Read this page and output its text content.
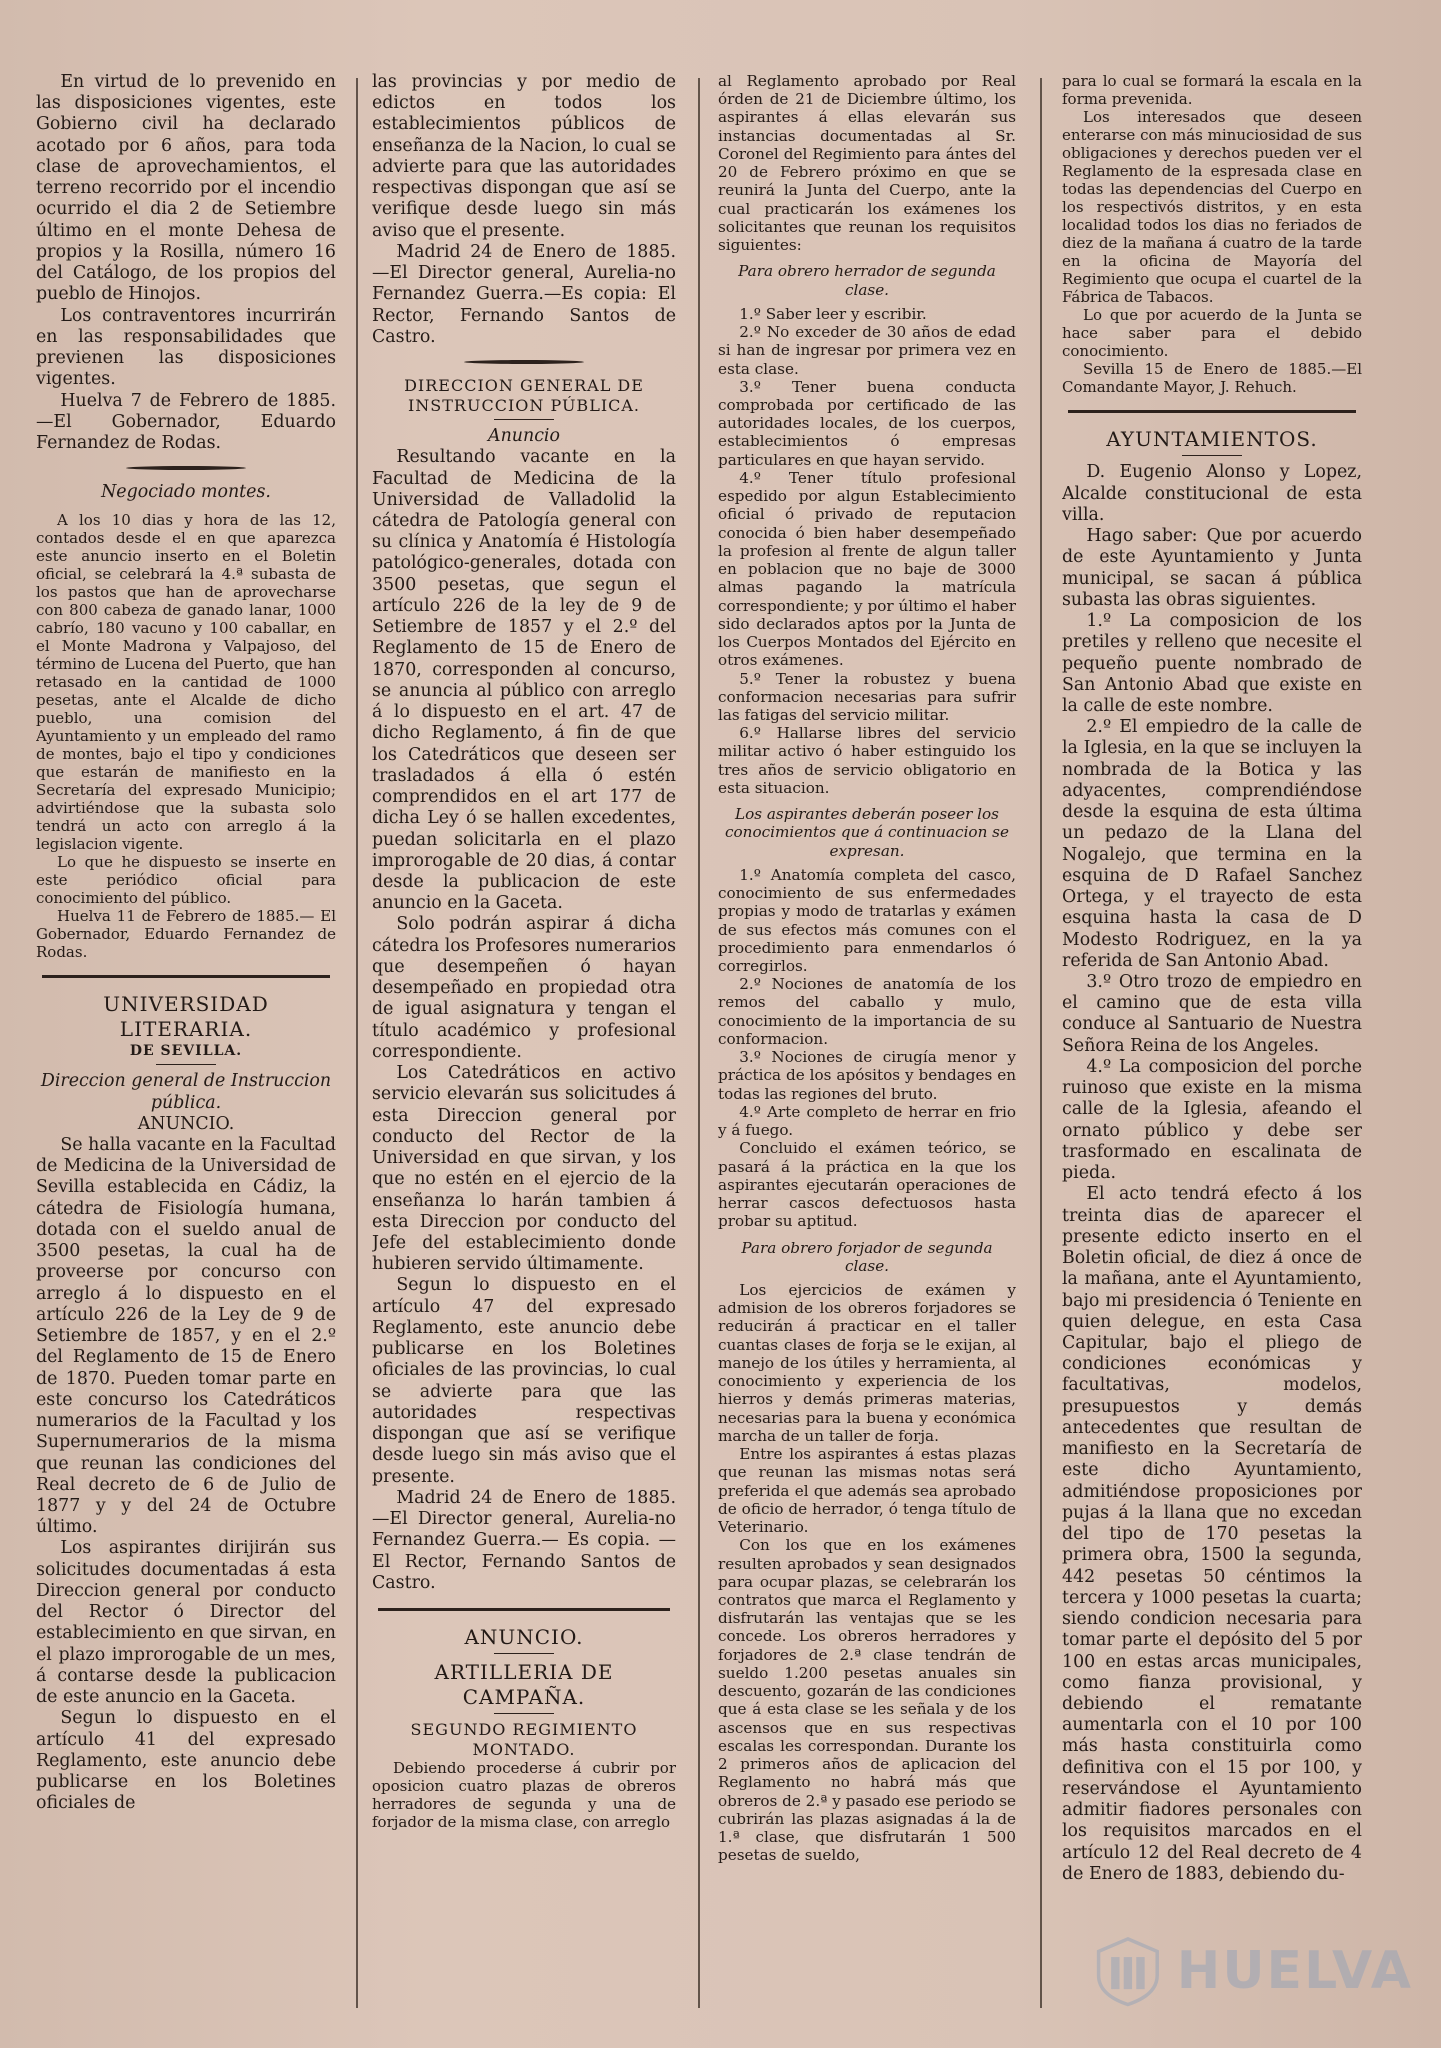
En virtud de lo prevenido en las disposiciones vigentes, este Gobierno civil ha declarado acotado por 6 años, para toda clase de aprovechamientos, el terreno recorrido por el incendio ocurrido el dia 2 de Setiembre último en el monte Dehesa de propios y la Rosilla, número 16 del Catálogo, de los propios del pueblo de Hinojos.

Los contraventores incurrirán en las responsabilidades que previenen las disposiciones vigentes.

Huelva 7 de Febrero de 1885. —El Gobernador, Eduardo Fernandez de Rodas.

Negociado montes.

A los 10 dias y hora de las 12, contados desde el en que aparezca este anuncio inserto en el Boletin oficial, se celebrará la 4.ª subasta de los pastos que han de aprovecharse con 800 cabeza de ganado lanar, 1000 cabrío, 180 vacuno y 100 caballar, en el Monte Madrona y Valpajoso, del término de Lucena del Puerto, que han retasado en la cantidad de 1000 pesetas, ante el Alcalde de dicho pueblo, una comision del Ayuntamiento y un empleado del ramo de montes, bajo el tipo y condiciones que estarán de manifiesto en la Secretaría del expresado Municipio; advirtiéndose que la subasta solo tendrá un acto con arreglo á la legislacion vigente.

Lo que he dispuesto se inserte en este periódico oficial para conocimiento del público.

Huelva 11 de Febrero de 1885.— El Gobernador, Eduardo Fernandez de Rodas.

UNIVERSIDAD LITERARIA.

DE SEVILLA.

Direccion general de Instruccion pública.

ANUNCIO.

Se halla vacante en la Facultad de Medicina de la Universidad de Sevilla establecida en Cádiz, la cátedra de Fisiología humana, dotada con el sueldo anual de 3500 pesetas, la cual ha de proveerse por concurso con arreglo á lo dispuesto en el artículo 226 de la Ley de 9 de Setiembre de 1857, y en el 2.º del Reglamento de 15 de Enero de 1870. Pueden tomar parte en este concurso los Catedráticos numerarios de la Facultad y los Supernumerarios de la misma que reunan las condiciones del Real decreto de 6 de Julio de 1877 y y del 24 de Octubre último.

Los aspirantes dirijirán sus solicitudes documentadas á esta Direccion general por conducto del Rector ó Director del establecimiento en que sirvan, en el plazo improrogable de un mes, á contarse desde la publicacion de este anuncio en la Gaceta.

Segun lo dispuesto en el artículo 41 del expresado Reglamento, este anuncio debe publicarse en los Boletines oficiales de

las provincias y por medio de edictos en todos los establecimientos públicos de enseñanza de la Nacion, lo cual se advierte para que las autoridades respectivas dispongan que así se verifique desde luego sin más aviso que el presente.

Madrid 24 de Enero de 1885. —El Director general, Aurelia-no Fernandez Guerra.—Es copia: El Rector, Fernando Santos de Castro.

DIRECCION GENERAL DE INSTRUCCION PÚBLICA.

Anuncio

Resultando vacante en la Facultad de Medicina de la Universidad de Valladolid la cátedra de Patología general con su clínica y Anatomía é Histología patológico-generales, dotada con 3500 pesetas, que segun el artículo 226 de la ley de 9 de Setiembre de 1857 y el 2.º del Reglamento de 15 de Enero de 1870, corresponden al concurso, se anuncia al público con arreglo á lo dispuesto en el art. 47 de dicho Reglamento, á fin de que los Catedráticos que deseen ser trasladados á ella ó estén comprendidos en el art 177 de dicha Ley ó se hallen excedentes, puedan solicitarla en el plazo improrogable de 20 dias, á contar desde la publicacion de este anuncio en la Gaceta.

Solo podrán aspirar á dicha cátedra los Profesores numerarios que desempeñen ó hayan desempeñado en propiedad otra de igual asignatura y tengan el título académico y profesional correspondiente.

Los Catedráticos en activo servicio elevarán sus solicitudes á esta Direccion general por conducto del Rector de la Universidad en que sirvan, y los que no estén en el ejercio de la enseñanza lo harán tambien á esta Direccion por conducto del Jefe del establecimiento donde hubieren servido últimamente.

Segun lo dispuesto en el artículo 47 del expresado Reglamento, este anuncio debe publicarse en los Boletines oficiales de las provincias, lo cual se advierte para que las autoridades respectivas dispongan que así se verifique desde luego sin más aviso que el presente.

Madrid 24 de Enero de 1885. —El Director general, Aurelia-no Fernandez Guerra.— Es copia. — El Rector, Fernando Santos de Castro.

ANUNCIO.

ARTILLERIA DE CAMPAÑA.

SEGUNDO REGIMIENTO MONTADO.

Debiendo procederse á cubrir por oposicion cuatro plazas de obreros herradores de segunda y una de forjador de la misma clase, con arreglo

al Reglamento aprobado por Real órden de 21 de Diciembre último, los aspirantes á ellas elevarán sus instancias documentadas al Sr. Coronel del Regimiento para ántes del 20 de Febrero próximo en que se reunirá la Junta del Cuerpo, ante la cual practicarán los exámenes los solicitantes que reunan los requisitos siguientes:

Para obrero herrador de segunda clase.

1.º Saber leer y escribir.

2.º No exceder de 30 años de edad si han de ingresar por primera vez en esta clase.

3.º Tener buena conducta comprobada por certificado de las autoridades locales, de los cuerpos, establecimientos ó empresas particulares en que hayan servido.

4.º Tener título profesional espedido por algun Establecimiento oficial ó privado de reputacion conocida ó bien haber desempeñado la profesion al frente de algun taller en poblacion que no baje de 3000 almas pagando la matrícula correspondiente; y por último el haber sido declarados aptos por la Junta de los Cuerpos Montados del Ejército en otros exámenes.

5.º Tener la robustez y buena conformacion necesarias para sufrir las fatigas del servicio militar.

6.º Hallarse libres del servicio militar activo ó haber estinguido los tres años de servicio obligatorio en esta situacion.

Los aspirantes deberán poseer los conocimientos que á continuacion se expresan.

1.º Anatomía completa del casco, conocimiento de sus enfermedades propias y modo de tratarlas y exámen de sus efectos más comunes con el procedimiento para enmendarlos ó corregirlos.

2.º Nociones de anatomía de los remos del caballo y mulo, conocimiento de la importancia de su conformacion.

3.º Nociones de cirugía menor y práctica de los apósitos y bendages en todas las regiones del bruto.

4.º Arte completo de herrar en frio y á fuego.

Concluido el exámen teórico, se pasará á la práctica en la que los aspirantes ejecutarán operaciones de herrar cascos defectuosos hasta probar su aptitud.

Para obrero forjador de segunda clase.

Los ejercicios de exámen y admision de los obreros forjadores se reducirán á practicar en el taller cuantas clases de forja se le exijan, al manejo de los útiles y herramienta, al conocimiento y experiencia de los hierros y demás primeras materias, necesarias para la buena y económica marcha de un taller de forja.

Entre los aspirantes á estas plazas que reunan las mismas notas será preferida el que además sea aprobado de oficio de herrador, ó tenga título de Veterinario.

Con los que en los exámenes resulten aprobados y sean designados para ocupar plazas, se celebrarán los contratos que marca el Reglamento y disfrutarán las ventajas que se les concede. Los obreros herradores y forjadores de 2.ª clase tendrán de sueldo 1.200 pesetas anuales sin descuento, gozarán de las condiciones que á esta clase se les señala y de los ascensos que en sus respectivas escalas les correspondan. Durante los 2 primeros años de aplicacion del Reglamento no habrá más que obreros de 2.ª y pasado ese periodo se cubrirán las plazas asignadas á la de 1.ª clase, que disfrutarán 1 500 pesetas de sueldo,

para lo cual se formará la escala en la forma prevenida.

Los interesados que deseen enterarse con más minuciosidad de sus obligaciones y derechos pueden ver el Reglamento de la espresada clase en todas las dependencias del Cuerpo en los respectivós distritos, y en esta localidad todos los dias no feriados de diez de la mañana á cuatro de la tarde en la oficina de Mayoría del Regimiento que ocupa el cuartel de la Fábrica de Tabacos.

Lo que por acuerdo de la Junta se hace saber para el debido conocimiento.

Sevilla 15 de Enero de 1885.—El Comandante Mayor, J. Rehuch.

AYUNTAMIENTOS.

D. Eugenio Alonso y Lopez, Alcalde constitucional de esta villa.

Hago saber: Que por acuerdo de este Ayuntamiento y Junta municipal, se sacan á pública subasta las obras siguientes.

1.º La composicion de los pretiles y relleno que necesite el pequeño puente nombrado de San Antonio Abad que existe en la calle de este nombre.

2.º El empiedro de la calle de la Iglesia, en la que se incluyen la nombrada de la Botica y las adyacentes, comprendiéndose desde la esquina de esta última un pedazo de la Llana del Nogalejo, que termina en la esquina de D Rafael Sanchez Ortega, y el trayecto de esta esquina hasta la casa de D Modesto Rodriguez, en la ya referida de San Antonio Abad.

3.º Otro trozo de empiedro en el camino que de esta villa conduce al Santuario de Nuestra Señora Reina de los Angeles.

4.º La composicion del porche ruinoso que existe en la misma calle de la Iglesia, afeando el ornato público y debe ser trasformado en escalinata de pieda.

El acto tendrá efecto á los treinta dias de aparecer el presente edicto inserto en el Boletin oficial, de diez á once de la mañana, ante el Ayuntamiento, bajo mi presidencia ó Teniente en quien delegue, en esta Casa Capitular, bajo el pliego de condiciones económicas y facultativas, modelos, presupuestos y demás antecedentes que resultan de manifiesto en la Secretaría de este dicho Ayuntamiento, admitiéndose proposiciones por pujas á la llana que no excedan del tipo de 170 pesetas la primera obra, 1500 la segunda, 442 pesetas 50 céntimos la tercera y 1000 pesetas la cuarta; siendo condicion necesaria para tomar parte el depósito del 5 por 100 en estas arcas municipales, como fianza provisional, y debiendo el rematante aumentarla con el 10 por 100 más hasta constituirla como definitiva con el 15 por 100, y reservándose el Ayuntamiento admitir fiadores personales con los requisitos marcados en el artículo 12 del Real decreto de 4 de Enero de 1883, debiendo du-

HUELVA
